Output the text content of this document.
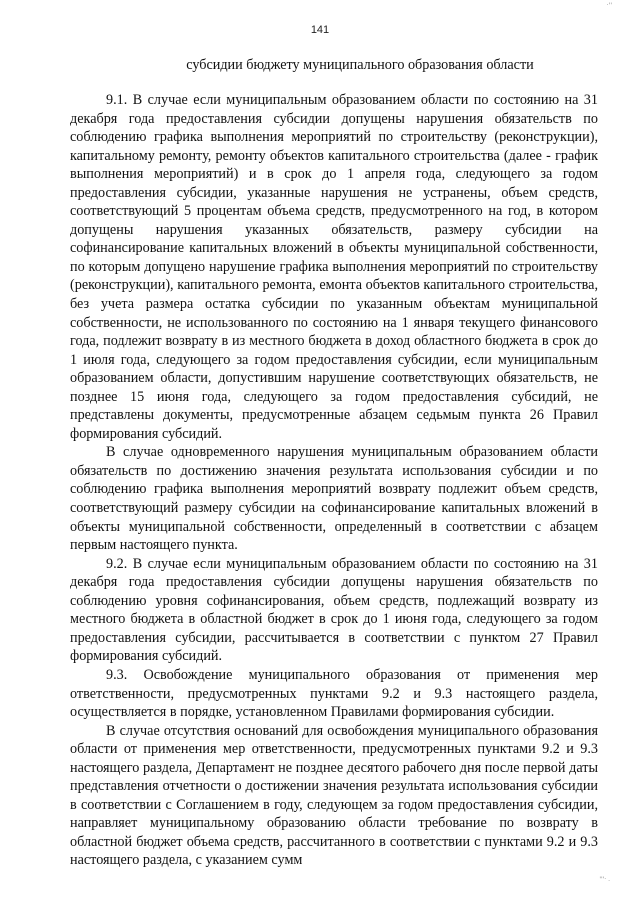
·''
141
субсидии бюджету муниципального образования области

9.1. В случае если муниципальным образованием области по состоянию на 31 декабря года предоставления субсидии допущены нарушения обязательств по соблюдению графика выполнения мероприятий по строительству (реконструкции), капитальному ремонту, ремонту объектов капитального строительства (далее - график выполнения мероприятий) и в срок до 1 апреля года, следующего за годом предоставления субсидии, указанные нарушения не устранены, объем средств, соответствующий 5 процентам объема средств, предусмотренного на год, в котором допущены нарушения указанных обязательств, размеру субсидии на софинансирование капитальных вложений в объекты муниципальной собственности, по которым допущено нарушение графика выполнения мероприятий по строительству (реконструкции), капитального ремонта, емонта объектов капитального строительства, без учета размера остатка субсидии по указанным объектам муниципальной собственности, не использованного по состоянию на 1 января текущего финансового года, подлежит возврату в из местного бюджета в доход областного бюджета в срок до 1 июля года, следующего за годом предоставления субсидии, если муниципальным образованием области, допустившим нарушение соответствующих обязательств, не позднее 15 июня года, следующего за годом предоставления субсидий, не представлены документы, предусмотренные абзацем седьмым пункта 26 Правил формирования субсидий.

В случае одновременного нарушения муниципальным образованием области обязательств по достижению значения результата использования субсидии и по соблюдению графика выполнения мероприятий возврату подлежит объем средств, соответствующий размеру субсидии на софинансирование капитальных вложений в объекты муниципальной собственности, определенный в соответствии с абзацем первым настоящего пункта.

9.2. В случае если муниципальным образованием области по состоянию на 31 декабря года предоставления субсидии допущены нарушения обязательств по соблюдению уровня софинансирования, объем средств, подлежащий возврату из местного бюджета в областной бюджет в срок до 1 июня года, следующего за годом предоставления субсидии, рассчитывается в соответствии с пунктом 27 Правил формирования субсидий.

9.3. Освобождение муниципального образования от применения мер ответственности, предусмотренных пунктами 9.2 и 9.3 настоящего раздела, осуществляется в порядке, установленном Правилами формирования субсидии.

В случае отсутствия оснований для освобождения муниципального образования области от применения мер ответственности, предусмотренных пунктами 9.2 и 9.3 настоящего раздела, Департамент не позднее десятого рабочего дня после первой даты представления отчетности о достижении значения результата использования субсидии в соответствии с Соглашением в году, следующем за годом предоставления субсидии, направляет муниципальному образованию области требование по возврату в областной бюджет объема средств, рассчитанного в соответствии с пунктами 9.2 и 9.3 настоящего раздела, с указанием сумм

'''· .
